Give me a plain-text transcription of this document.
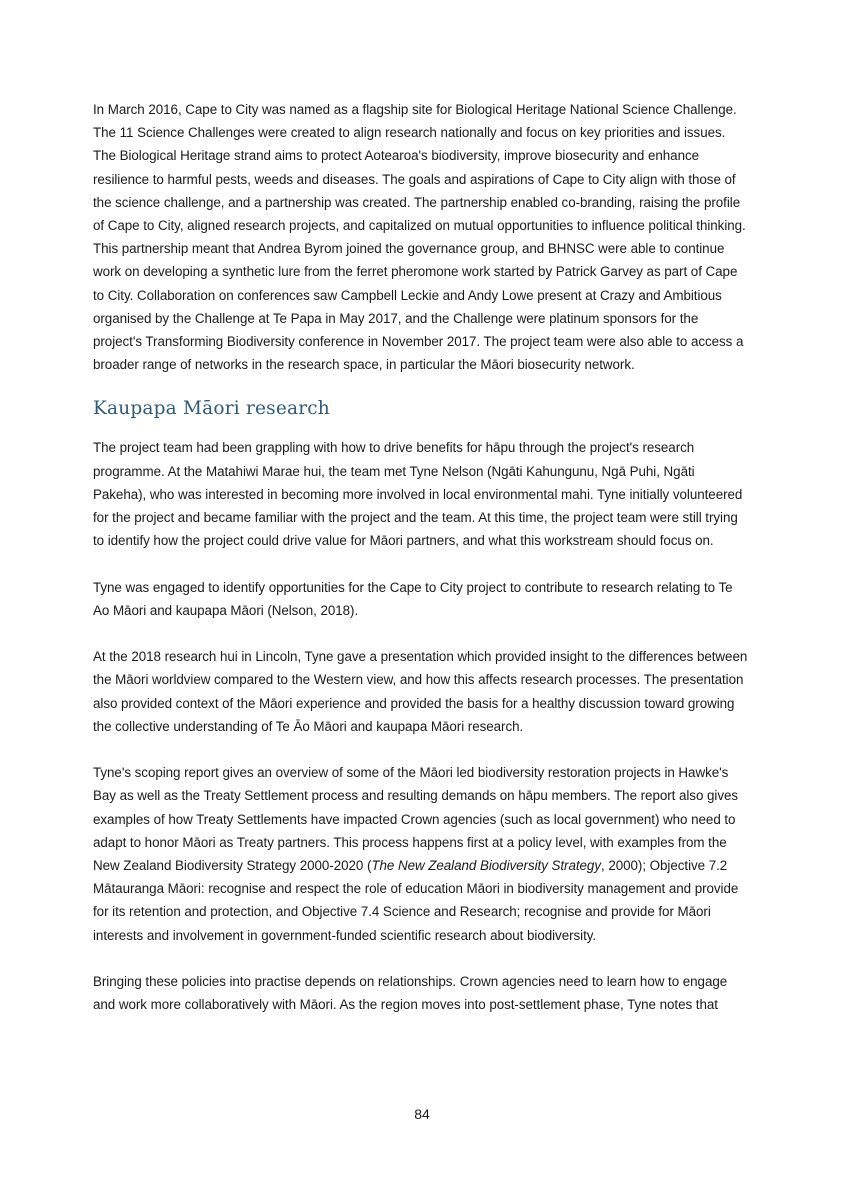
In March 2016, Cape to City was named as a flagship site for Biological Heritage National Science Challenge. The 11 Science Challenges were created to align research nationally and focus on key priorities and issues. The Biological Heritage strand aims to protect Aotearoa's biodiversity, improve biosecurity and enhance resilience to harmful pests, weeds and diseases. The goals and aspirations of Cape to City align with those of the science challenge, and a partnership was created. The partnership enabled co-branding, raising the profile of Cape to City, aligned research projects, and capitalized on mutual opportunities to influence political thinking. This partnership meant that Andrea Byrom joined the governance group, and BHNSC were able to continue work on developing a synthetic lure from the ferret pheromone work started by Patrick Garvey as part of Cape to City. Collaboration on conferences saw Campbell Leckie and Andy Lowe present at Crazy and Ambitious organised by the Challenge at Te Papa in May 2017, and the Challenge were platinum sponsors for the project's Transforming Biodiversity conference in November 2017. The project team were also able to access a broader range of networks in the research space, in particular the Māori biosecurity network.

Kaupapa Māori research

The project team had been grappling with how to drive benefits for hāpu through the project's research programme. At the Matahiwi Marae hui, the team met Tyne Nelson (Ngāti Kahungunu, Ngā Puhi, Ngāti Pakeha), who was interested in becoming more involved in local environmental mahi. Tyne initially volunteered for the project and became familiar with the project and the team. At this time, the project team were still trying to identify how the project could drive value for Māori partners, and what this workstream should focus on.

Tyne was engaged to identify opportunities for the Cape to City project to contribute to research relating to Te Ao Māori and kaupapa Māori (Nelson, 2018).

At the 2018 research hui in Lincoln, Tyne gave a presentation which provided insight to the differences between the Māori worldview compared to the Western view, and how this affects research processes. The presentation also provided context of the Māori experience and provided the basis for a healthy discussion toward growing the collective understanding of Te Āo Māori and kaupapa Māori research.

Tyne's scoping report gives an overview of some of the Māori led biodiversity restoration projects in Hawke's Bay as well as the Treaty Settlement process and resulting demands on hāpu members. The report also gives examples of how Treaty Settlements have impacted Crown agencies (such as local government) who need to adapt to honor Māori as Treaty partners. This process happens first at a policy level, with examples from the New Zealand Biodiversity Strategy 2000-2020 (The New Zealand Biodiversity Strategy, 2000); Objective 7.2 Mātauranga Māori: recognise and respect the role of education Māori in biodiversity management and provide for its retention and protection, and Objective 7.4 Science and Research; recognise and provide for Māori interests and involvement in government-funded scientific research about biodiversity.

Bringing these policies into practise depends on relationships. Crown agencies need to learn how to engage and work more collaboratively with Māori. As the region moves into post-settlement phase, Tyne notes that

84
